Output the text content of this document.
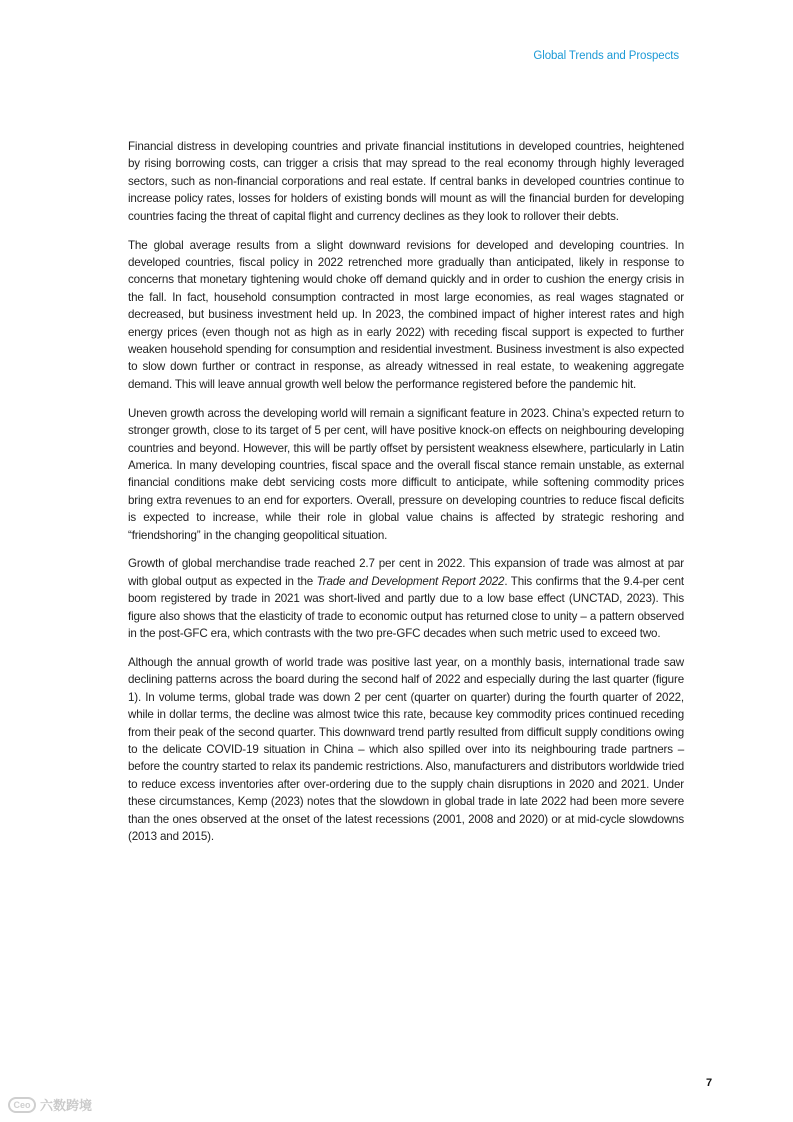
Global Trends and Prospects

Financial distress in developing countries and private financial institutions in developed countries, heightened by rising borrowing costs, can trigger a crisis that may spread to the real economy through highly leveraged sectors, such as non-financial corporations and real estate. If central banks in developed countries continue to increase policy rates, losses for holders of existing bonds will mount as will the financial burden for developing countries facing the threat of capital flight and currency declines as they look to rollover their debts.

The global average results from a slight downward revisions for developed and developing countries. In developed countries, fiscal policy in 2022 retrenched more gradually than anticipated, likely in response to concerns that monetary tightening would choke off demand quickly and in order to cushion the energy crisis in the fall. In fact, household consumption contracted in most large economies, as real wages stagnated or decreased, but business investment held up. In 2023, the combined impact of higher interest rates and high energy prices (even though not as high as in early 2022) with receding fiscal support is expected to further weaken household spending for consumption and residential investment. Business investment is also expected to slow down further or contract in response, as already witnessed in real estate, to weakening aggregate demand. This will leave annual growth well below the performance registered before the pandemic hit.

Uneven growth across the developing world will remain a significant feature in 2023. China’s expected return to stronger growth, close to its target of 5 per cent, will have positive knock-on effects on neighbouring developing countries and beyond. However, this will be partly offset by persistent weakness elsewhere, particularly in Latin America. In many developing countries, fiscal space and the overall fiscal stance remain unstable, as external financial conditions make debt servicing costs more difficult to anticipate, while softening commodity prices bring extra revenues to an end for exporters. Overall, pressure on developing countries to reduce fiscal deficits is expected to increase, while their role in global value chains is affected by strategic reshoring and “friendshoring” in the changing geopolitical situation.

Growth of global merchandise trade reached 2.7 per cent in 2022. This expansion of trade was almost at par with global output as expected in the Trade and Development Report 2022. This confirms that the 9.4-per cent boom registered by trade in 2021 was short-lived and partly due to a low base effect (UNCTAD, 2023). This figure also shows that the elasticity of trade to economic output has returned close to unity – a pattern observed in the post-GFC era, which contrasts with the two pre-GFC decades when such metric used to exceed two.

Although the annual growth of world trade was positive last year, on a monthly basis, international trade saw declining patterns across the board during the second half of 2022 and especially during the last quarter (figure 1). In volume terms, global trade was down 2 per cent (quarter on quarter) during the fourth quarter of 2022, while in dollar terms, the decline was almost twice this rate, because key commodity prices continued receding from their peak of the second quarter. This downward trend partly resulted from difficult supply conditions owing to the delicate COVID-19 situation in China – which also spilled over into its neighbouring trade partners – before the country started to relax its pandemic restrictions. Also, manufacturers and distributors worldwide tried to reduce excess inventories after over-ordering due to the supply chain disruptions in 2020 and 2021. Under these circumstances, Kemp (2023) notes that the slowdown in global trade in late 2022 had been more severe than the ones observed at the onset of the latest recessions (2001, 2008 and 2020) or at mid-cycle slowdowns (2013 and 2015).

7
Ceo 六数跨境
